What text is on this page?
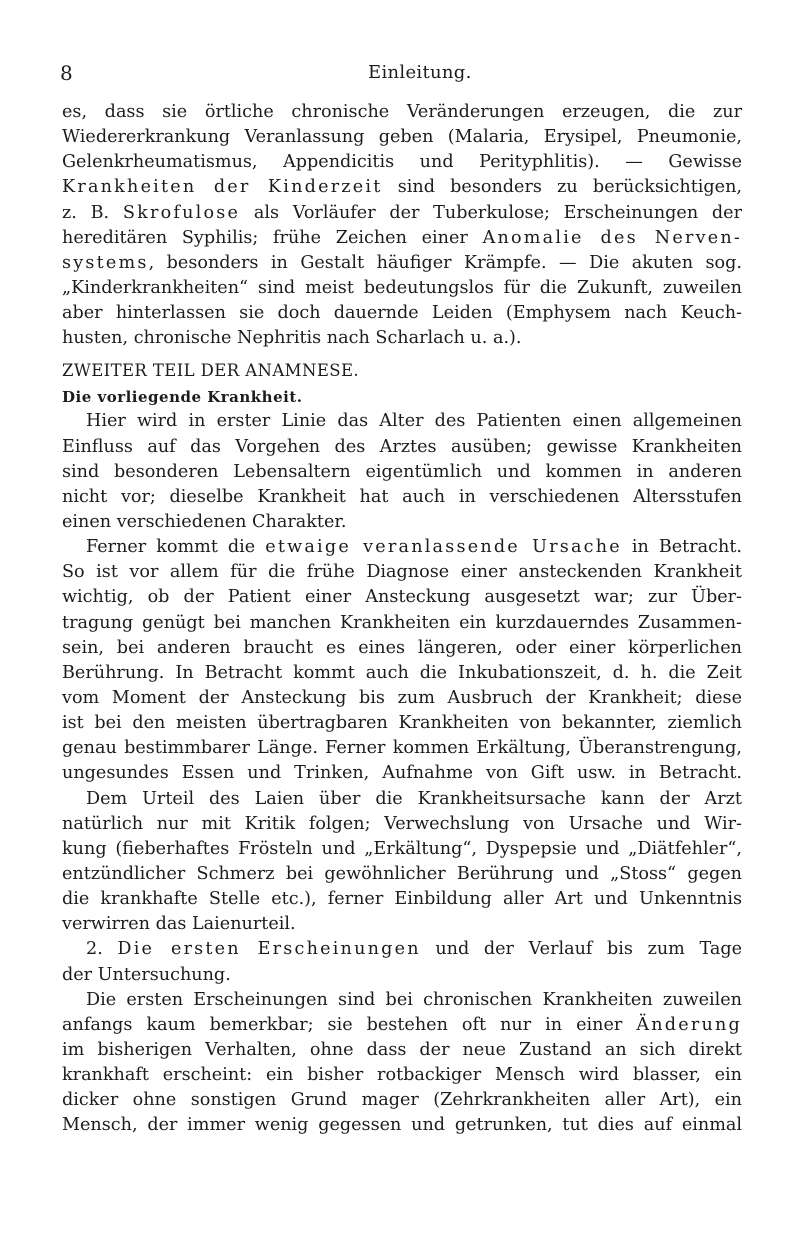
8	Einleitung.
es, dass sie örtliche chronische Veränderungen erzeugen, die zur
Wiedererkrankung Veranlassung geben (Malaria, Erysipel, Pneumonie,
Gelenkrheumatismus, Appendicitis und Perityphlitis). — Gewisse
Krankheiten der Kinderzeit sind besonders zu berücksichtigen,
z. B. Skrofulose als Vorläufer der Tuberkulose; Erscheinungen der
hereditären Syphilis; frühe Zeichen einer Anomalie des Nerven-
systems, besonders in Gestalt häufiger Krämpfe. — Die akuten sog.
„Kinderkrankheiten“ sind meist bedeutungslos für die Zukunft, zuweilen
aber hinterlassen sie doch dauernde Leiden (Emphysem nach Keuch-
husten, chronische Nephritis nach Scharlach u. a.).
ZWEITER TEIL DER ANAMNESE.
Die vorliegende Krankheit.
Hier wird in erster Linie das Alter des Patienten einen allgemeinen
Einfluss auf das Vorgehen des Arztes ausüben; gewisse Krankheiten
sind besonderen Lebensaltern eigentümlich und kommen in anderen
nicht vor; dieselbe Krankheit hat auch in verschiedenen Altersstufen
einen verschiedenen Charakter.
Ferner kommt die etwaige veranlassende Ursache in Betracht.
So ist vor allem für die frühe Diagnose einer ansteckenden Krankheit
wichtig, ob der Patient einer Ansteckung ausgesetzt war; zur Über-
tragung genügt bei manchen Krankheiten ein kurzdauerndes Zusammen-
sein, bei anderen braucht es eines längeren, oder einer körperlichen
Berührung. In Betracht kommt auch die Inkubationszeit, d. h. die Zeit
vom Moment der Ansteckung bis zum Ausbruch der Krankheit; diese
ist bei den meisten übertragbaren Krankheiten von bekannter, ziemlich
genau bestimmbarer Länge. Ferner kommen Erkältung, Überanstrengung,
ungesundes Essen und Trinken, Aufnahme von Gift usw. in Betracht.
Dem Urteil des Laien über die Krankheitsursache kann der Arzt
natürlich nur mit Kritik folgen; Verwechslung von Ursache und Wir-
kung (fieberhaftes Frösteln und „Erkältung“, Dyspepsie und „Diätfehler“,
entzündlicher Schmerz bei gewöhnlicher Berührung und „Stoss“ gegen
die krankhafte Stelle etc.), ferner Einbildung aller Art und Unkenntnis
verwirren das Laienurteil.
2. Die ersten Erscheinungen und der Verlauf bis zum Tage
der Untersuchung.
Die ersten Erscheinungen sind bei chronischen Krankheiten zuweilen
anfangs kaum bemerkbar; sie bestehen oft nur in einer Änderung
im bisherigen Verhalten, ohne dass der neue Zustand an sich direkt
krankhaft erscheint: ein bisher rotbackiger Mensch wird blasser, ein
dicker ohne sonstigen Grund mager (Zehrkrankheiten aller Art), ein
Mensch, der immer wenig gegessen und getrunken, tut dies auf einmal
